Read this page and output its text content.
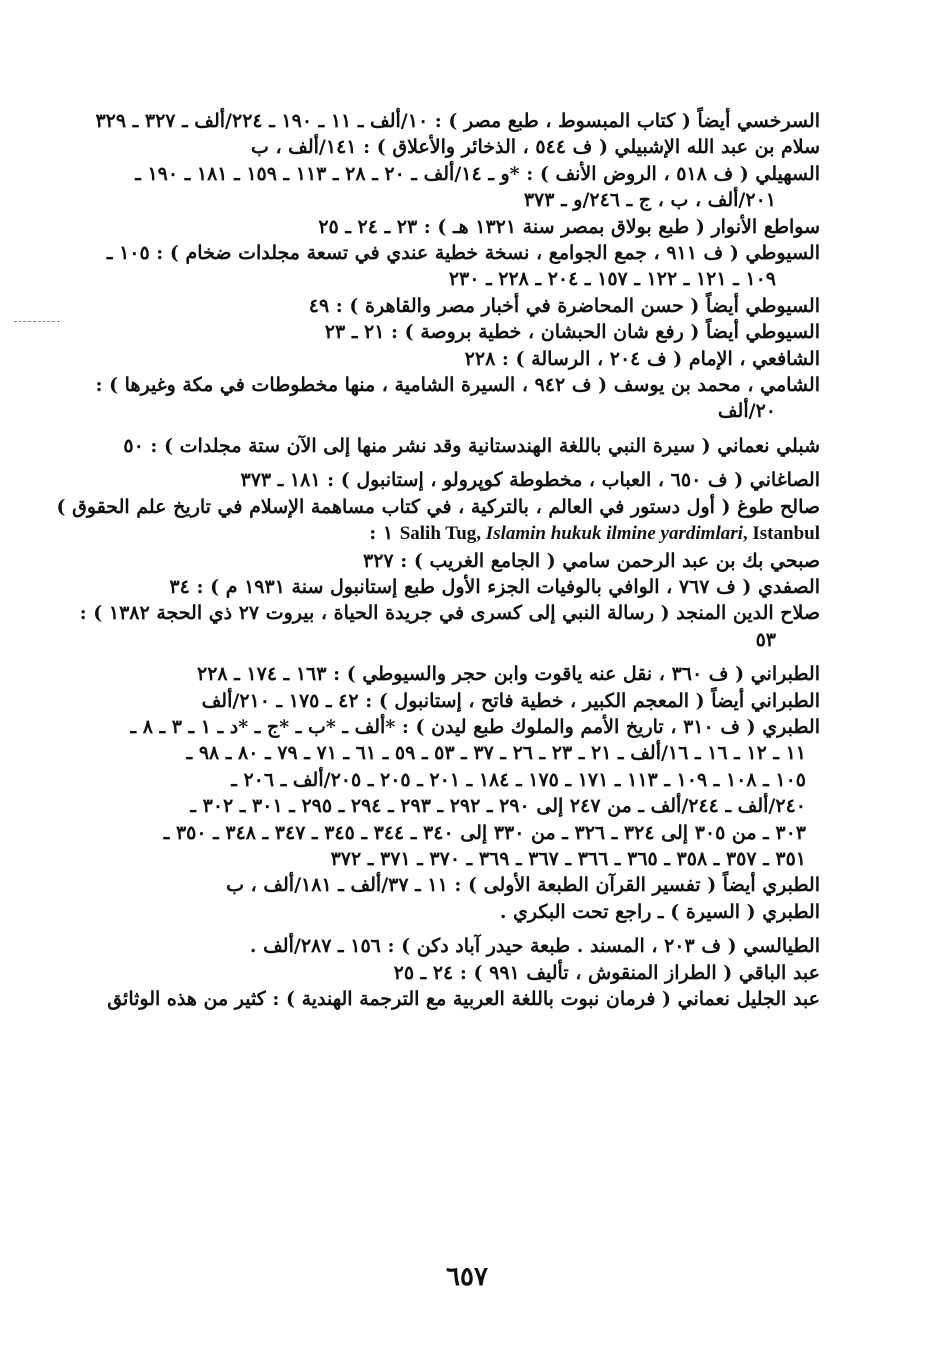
السرخسي أيضاً ( كتاب المبسوط ، طبع مصر ) : ١٠/ألف ـ ١١ ـ ١٩٠ ـ ٢٢٤/ألف ـ ٣٢٧ ـ ٣٢٩
سلام بن عبد الله الإشبيلي ( ف ٥٤٤ ، الذخائر والأعلاق ) : ١٤١/ألف ، ب
السهيلي ( ف ٥١٨ ، الروض الأنف ) : *و ـ ١٤/ألف ـ ٢٠ ـ ٢٨ ـ ١١٣ ـ ١٥٩ ـ ١٨١ ـ ١٩٠ ـ
٢٠١/ألف ، ب ، ج ـ ٢٤٦/و ـ ٣٧٣
سواطع الأنوار ( طبع بولاق بمصر سنة ١٣٢١ هـ ) : ٢٣ ـ ٢٤ ـ ٢٥
السيوطي ( ف ٩١١ ، جمع الجوامع ، نسخة خطية عندي في تسعة مجلدات ضخام ) : ١٠٥ ـ
١٠٩ ـ ١٢١ ـ ١٢٢ ـ ١٥٧ ـ ٢٠٤ ـ ٢٢٨ ـ ٢٣٠
السيوطي أيضاً ( حسن المحاضرة في أخبار مصر والقاهرة ) : ٤٩
السيوطي أيضاً ( رفع شان الحبشان ، خطية بروصة ) : ٢١ ـ ٢٣
الشافعي ، الإمام ( ف ٢٠٤ ، الرسالة ) : ٢٢٨
الشامي ، محمد بن يوسف ( ف ٩٤٢ ، السيرة الشامية ، منها مخطوطات في مكة وغيرها ) :
٢٠/ألف
شبلي نعماني ( سيرة النبي باللغة الهندستانية وقد نشر منها إلى الآن ستة مجلدات ) : ٥٠
الصاغاني ( ف ٦٥٠ ، العباب ، مخطوطة كوپرولو ، إستانبول ) : ١٨١ ـ ٣٧٣
صالح طوغ ( أول دستور في العالم ، بالتركية ، في كتاب مساهمة الإسلام في تاريخ علم الحقوق )
Salih Tug, Islamin hukuk ilmine yardimlari, Istanbul ١ :
صبحي بك بن عبد الرحمن سامي ( الجامع الغريب ) : ٣٢٧
الصفدي ( ف ٧٦٧ ، الوافي بالوفيات الجزء الأول طبع إستانبول سنة ١٩٣١ م ) : ٣٤
صلاح الدين المنجد ( رسالة النبي إلى كسرى في جريدة الحياة ، بيروت ٢٧ ذي الحجة ١٣٨٢ ) :
٥٣
الطبراني ( ف ٣٦٠ ، نقل عنه ياقوت وابن حجر والسيوطي ) : ١٦٣ ـ ١٧٤ ـ ٢٢٨
الطبراني أيضاً ( المعجم الكبير ، خطية فاتح ، إستانبول ) : ٤٢ ـ ١٧٥ ـ ٢١٠/ألف
الطبري ( ف ٣١٠ ، تاريخ الأمم والملوك طبع ليدن ) : *ألف ـ *ب ـ *ج ـ *د ـ ١ ـ ٣ ـ ٨ ـ
١١ ـ ١٢ ـ ١٦ ـ ١٦/ألف ـ ٢١ ـ ٢٣ ـ ٢٦ ـ ٣٧ ـ ٥٣ ـ ٥٩ ـ ٦١ ـ ٧١ ـ ٧٩ ـ ٨٠ ـ ٩٨ ـ
١٠٥ ـ ١٠٨ ـ ١٠٩ ـ ١١٣ ـ ١٧١ ـ ١٧٥ ـ ١٨٤ ـ ٢٠١ ـ ٢٠٥ ـ ٢٠٥/ألف ـ ٢٠٦ ـ
٢٤٠/ألف ـ ٢٤٤/ألف ـ من ٢٤٧ إلى ٢٩٠ ـ ٢٩٢ ـ ٢٩٣ ـ ٢٩٤ ـ ٢٩٥ ـ ٣٠١ ـ ٣٠٢ ـ
٣٠٣ ـ من ٣٠٥ إلى ٣٢٤ ـ ٣٢٦ ـ من ٣٣٠ إلى ٣٤٠ ـ ٣٤٤ ـ ٣٤٥ ـ ٣٤٧ ـ ٣٤٨ ـ ٣٥٠ ـ
٣٥١ ـ ٣٥٧ ـ ٣٥٨ ـ ٣٦٥ ـ ٣٦٦ ـ ٣٦٧ ـ ٣٦٩ ـ ٣٧٠ ـ ٣٧١ ـ ٣٧٢
الطبري أيضاً ( تفسير القرآن الطبعة الأولى ) : ١١ ـ ٣٧/ألف ـ ١٨١/ألف ، ب
الطبري ( السيرة ) ـ راجع تحت البكري .
الطيالسي ( ف ٢٠٣ ، المسند . طبعة حيدر آباد دكن ) : ١٥٦ ـ ٢٨٧/ألف .
عبد الباقي ( الطراز المنقوش ، تأليف ٩٩١ ) : ٢٤ ـ ٢٥
عبد الجليل نعماني ( فرمان نبوت باللغة العربية مع الترجمة الهندية ) : كثير من هذه الوثائق
٦٥٧
